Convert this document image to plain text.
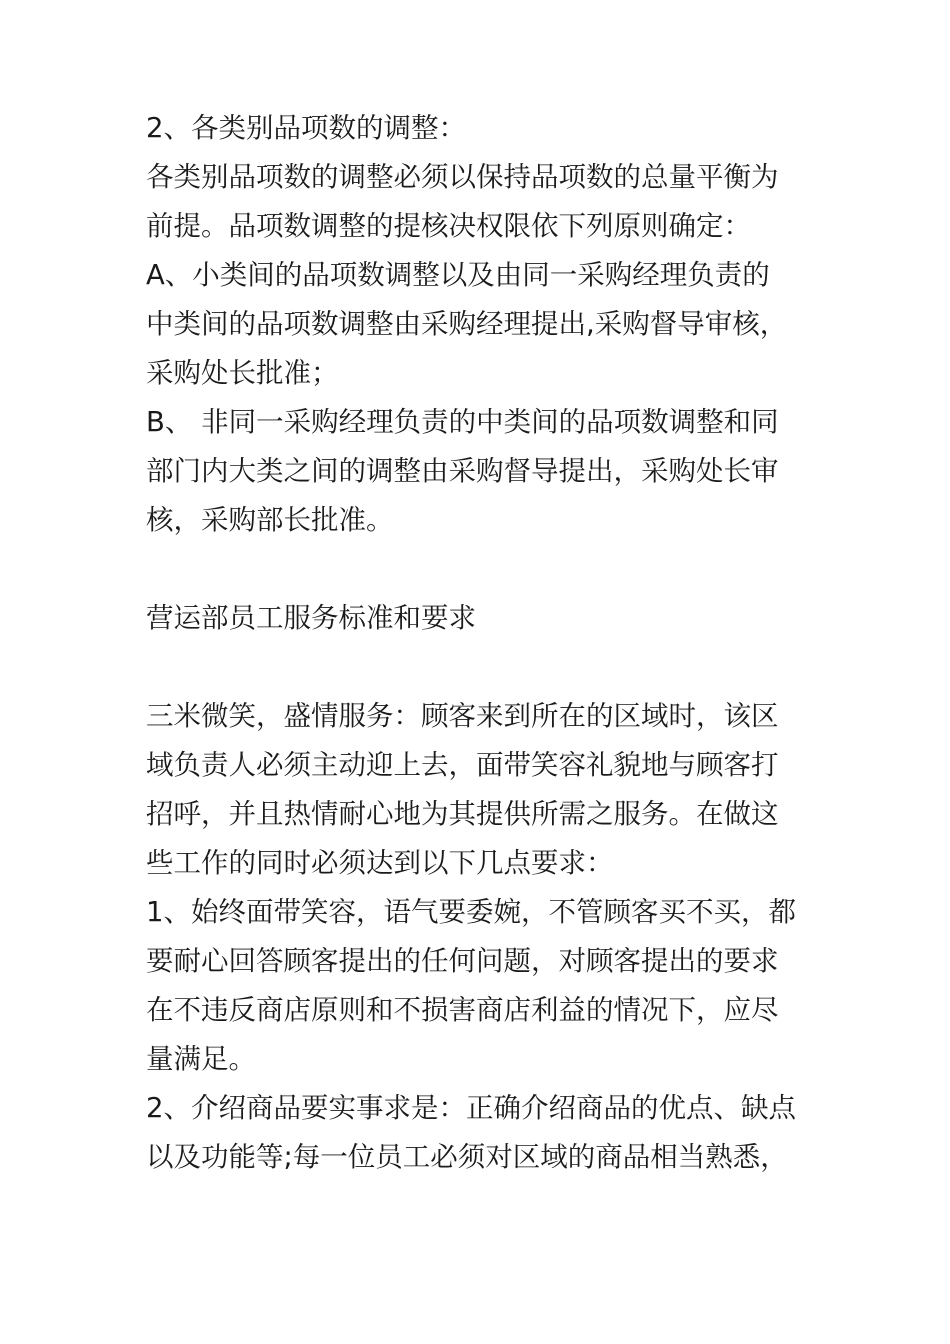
2、各类别品项数的调整：
各类别品项数的调整必须以保持品项数的总量平衡为
前提。品项数调整的提核决权限依下列原则确定：
A、小类间的品项数调整以及由同一采购经理负责的
中类间的品项数调整由采购经理提出,采购督导审核，
采购处长批准；
B、 非同一采购经理负责的中类间的品项数调整和同
部门内大类之间的调整由采购督导提出，采购处长审
核，采购部长批准。
营运部员工服务标准和要求
三米微笑，盛情服务：顾客来到所在的区域时，该区
域负责人必须主动迎上去，面带笑容礼貌地与顾客打
招呼，并且热情耐心地为其提供所需之服务。在做这
些工作的同时必须达到以下几点要求：
1、始终面带笑容，语气要委婉，不管顾客买不买，都
要耐心回答顾客提出的任何问题，对顾客提出的要求
在不违反商店原则和不损害商店利益的情况下，应尽
量满足。
2、介绍商品要实事求是：正确介绍商品的优点、缺点
以及功能等;每一位员工必须对区域的商品相当熟悉，
